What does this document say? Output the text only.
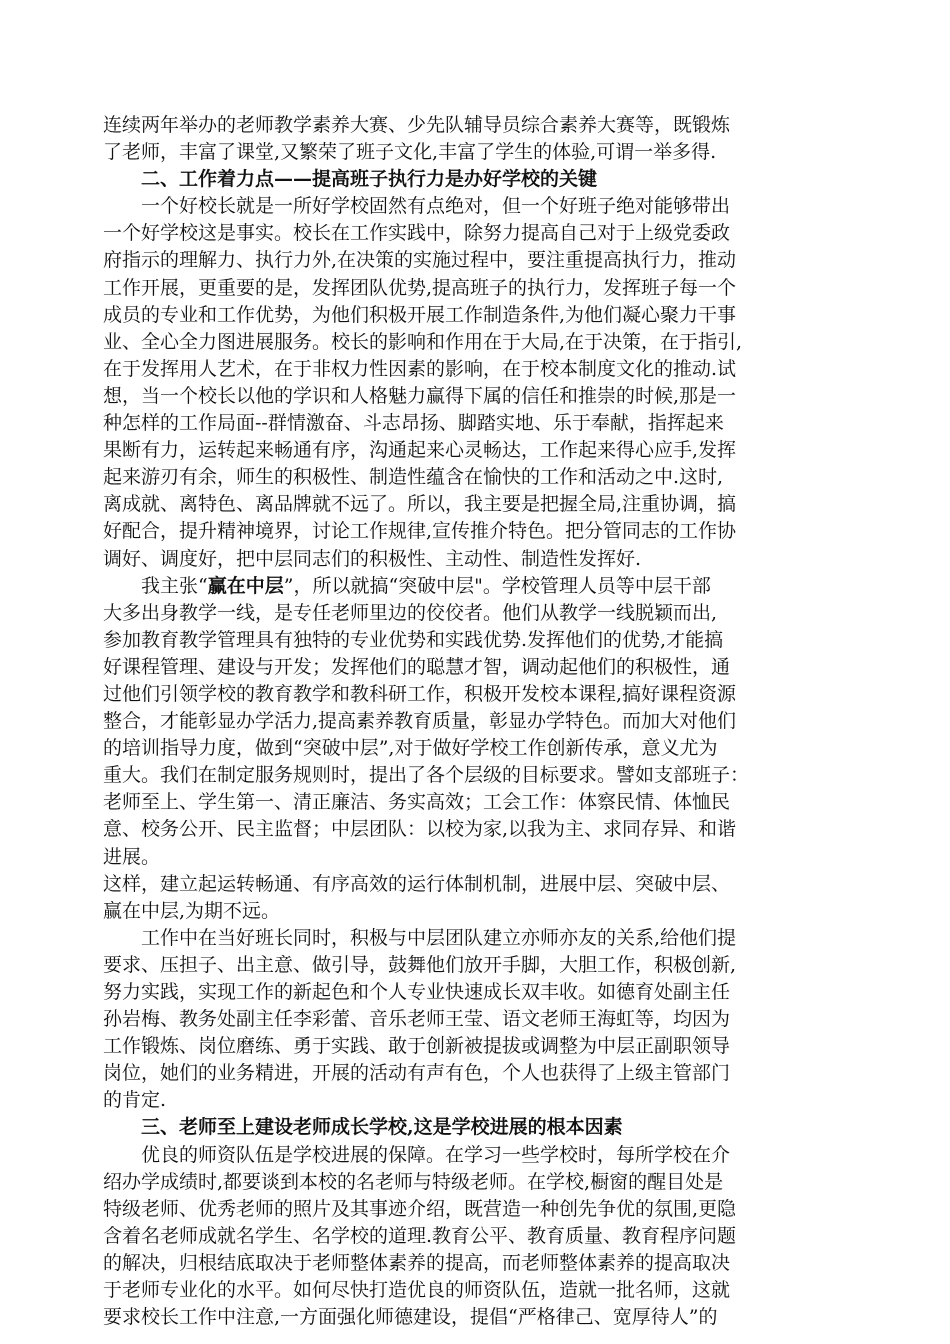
连续两年举办的老师教学素养大赛、少先队辅导员综合素养大赛等，既锻炼
了老师，丰富了课堂,又繁荣了班子文化,丰富了学生的体验,可谓一举多得.
二、工作着力点——提高班子执行力是办好学校的关键
一个好校长就是一所好学校固然有点绝对，但一个好班子绝对能够带出
一个好学校这是事实。校长在工作实践中，除努力提高自己对于上级党委政
府指示的理解力、执行力外,在决策的实施过程中，要注重提高执行力，推动
工作开展，更重要的是，发挥团队优势,提高班子的执行力，发挥班子每一个
成员的专业和工作优势，为他们积极开展工作制造条件,为他们凝心聚力干事
业、全心全力图进展服务。校长的影响和作用在于大局,在于决策，在于指引,
在于发挥用人艺术，在于非权力性因素的影响，在于校本制度文化的推动.试
想，当一个校长以他的学识和人格魅力赢得下属的信任和推崇的时候,那是一
种怎样的工作局面--群情激奋、斗志昂扬、脚踏实地、乐于奉献，指挥起来
果断有力，运转起来畅通有序，沟通起来心灵畅达，工作起来得心应手,发挥
起来游刃有余，师生的积极性、制造性蕴含在愉快的工作和活动之中.这时,
离成就、离特色、离品牌就不远了。所以，我主要是把握全局,注重协调，搞
好配合，提升精神境界，讨论工作规律,宣传推介特色。把分管同志的工作协
调好、调度好，把中层同志们的积极性、主动性、制造性发挥好.
我主张“赢在中层”，所以就搞“突破中层"。学校管理人员等中层干部
大多出身教学一线，是专任老师里边的佼佼者。他们从教学一线脱颖而出,
参加教育教学管理具有独特的专业优势和实践优势.发挥他们的优势,才能搞
好课程管理、建设与开发；发挥他们的聪慧才智，调动起他们的积极性，通
过他们引领学校的教育教学和教科研工作，积极开发校本课程,搞好课程资源
整合，才能彰显办学活力,提高素养教育质量，彰显办学特色。而加大对他们
的培训指导力度，做到“突破中层”,对于做好学校工作创新传承，意义尤为
重大。我们在制定服务规则时，提出了各个层级的目标要求。譬如支部班子：
老师至上、学生第一、清正廉洁、务实高效；工会工作：体察民情、体恤民
意、校务公开、民主监督；中层团队：以校为家,以我为主、求同存异、和谐
进展。
这样，建立起运转畅通、有序高效的运行体制机制，进展中层、突破中层、
赢在中层,为期不远。
工作中在当好班长同时，积极与中层团队建立亦师亦友的关系,给他们提
要求、压担子、出主意、做引导，鼓舞他们放开手脚，大胆工作，积极创新,
努力实践，实现工作的新起色和个人专业快速成长双丰收。如德育处副主任
孙岩梅、教务处副主任李彩蕾、音乐老师王莹、语文老师王海虹等，均因为
工作锻炼、岗位磨练、勇于实践、敢于创新被提拔或调整为中层正副职领导
岗位，她们的业务精进，开展的活动有声有色，个人也获得了上级主管部门
的肯定.
三、老师至上建设老师成长学校,这是学校进展的根本因素
优良的师资队伍是学校进展的保障。在学习一些学校时，每所学校在介
绍办学成绩时,都要谈到本校的名老师与特级老师。在学校,橱窗的醒目处是
特级老师、优秀老师的照片及其事迹介绍，既营造一种创先争优的氛围,更隐
含着名老师成就名学生、名学校的道理.教育公平、教育质量、教育程序问题
的解决，归根结底取决于老师整体素养的提高，而老师整体素养的提高取决
于老师专业化的水平。如何尽快打造优良的师资队伍，造就一批名师，这就
要求校长工作中注意,一方面强化师德建设，提倡“严格律己、宽厚待人”的
